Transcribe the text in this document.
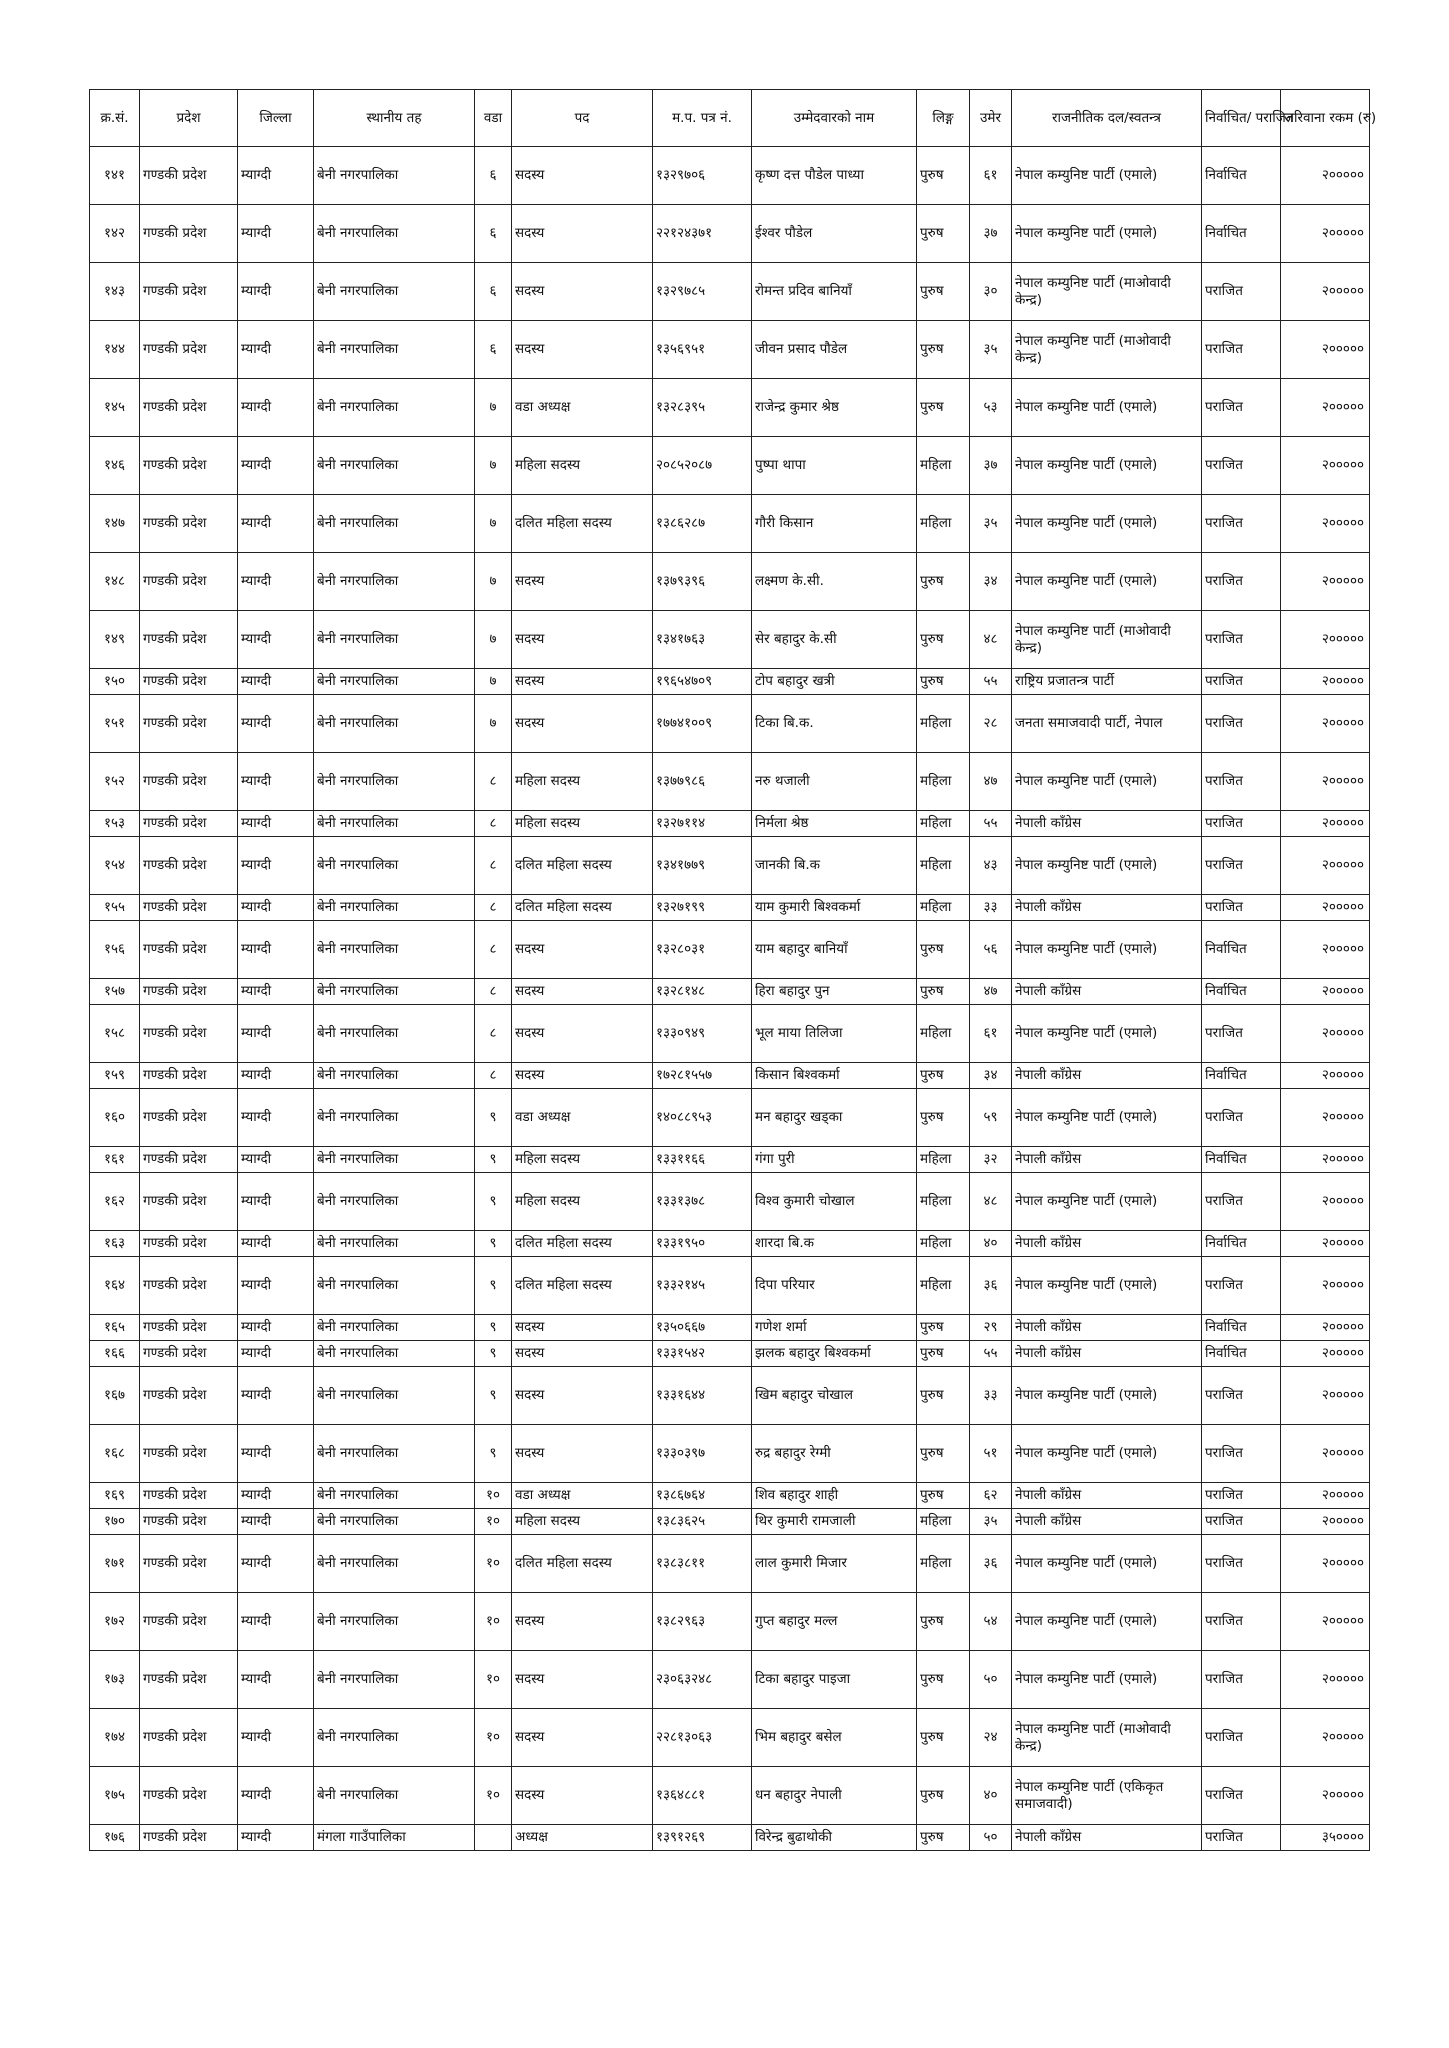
क्र.सं.	प्रदेश	जिल्ला	स्थानीय तह	वडा	पद	म.प. पत्र नं.	उम्मेदवारको नाम	लिङ्ग	उमेर	राजनीतिक दल/स्वतन्त्र	निर्वाचित/ पराजित	जरिवाना रकम (रु)
१४१	गण्डकी प्रदेश	म्याग्दी	बेनी नगरपालिका	६	सदस्य	१३२९७०६	कृष्ण दत्त पौडेल पाध्या	पुरुष	६१	नेपाल कम्युनिष्ट पार्टी (एमाले)	निर्वाचित	२०००००
१४२	गण्डकी प्रदेश	म्याग्दी	बेनी नगरपालिका	६	सदस्य	२२१२४३७१	ईश्वर पौडेल	पुरुष	३७	नेपाल कम्युनिष्ट पार्टी (एमाले)	निर्वाचित	२०००००
१४३	गण्डकी प्रदेश	म्याग्दी	बेनी नगरपालिका	६	सदस्य	१३२९७८५	रोमन्त प्रदिव बानियाँ	पुरुष	३०	नेपाल कम्युनिष्ट पार्टी (माओवादी केन्द्र)	पराजित	२०००००
१४४	गण्डकी प्रदेश	म्याग्दी	बेनी नगरपालिका	६	सदस्य	१३५६९५१	जीवन प्रसाद पौडेल	पुरुष	३५	नेपाल कम्युनिष्ट पार्टी (माओवादी केन्द्र)	पराजित	२०००००
१४५	गण्डकी प्रदेश	म्याग्दी	बेनी नगरपालिका	७	वडा अध्यक्ष	१३२८३९५	राजेन्द्र कुमार श्रेष्ठ	पुरुष	५३	नेपाल कम्युनिष्ट पार्टी (एमाले)	पराजित	२०००००
१४६	गण्डकी प्रदेश	म्याग्दी	बेनी नगरपालिका	७	महिला सदस्य	२०८५२०८७	पुष्पा थापा	महिला	३७	नेपाल कम्युनिष्ट पार्टी (एमाले)	पराजित	२०००००
१४७	गण्डकी प्रदेश	म्याग्दी	बेनी नगरपालिका	७	दलित महिला सदस्य	१३८६२८७	गौरी किसान	महिला	३५	नेपाल कम्युनिष्ट पार्टी (एमाले)	पराजित	२०००००
१४८	गण्डकी प्रदेश	म्याग्दी	बेनी नगरपालिका	७	सदस्य	१३७९३९६	लक्ष्मण के.सी.	पुरुष	३४	नेपाल कम्युनिष्ट पार्टी (एमाले)	पराजित	२०००००
१४९	गण्डकी प्रदेश	म्याग्दी	बेनी नगरपालिका	७	सदस्य	१३४१७६३	सेर बहादुर के.सी	पुरुष	४८	नेपाल कम्युनिष्ट पार्टी (माओवादी केन्द्र)	पराजित	२०००००
१५०	गण्डकी प्रदेश	म्याग्दी	बेनी नगरपालिका	७	सदस्य	१९६५४७०९	टोप बहादुर खत्री	पुरुष	५५	राष्ट्रिय प्रजातन्त्र पार्टी	पराजित	२०००००
१५१	गण्डकी प्रदेश	म्याग्दी	बेनी नगरपालिका	७	सदस्य	१७७४१००९	टिका बि.क.	महिला	२८	जनता समाजवादी पार्टी, नेपाल	पराजित	२०००००
१५२	गण्डकी प्रदेश	म्याग्दी	बेनी नगरपालिका	८	महिला सदस्य	१३७७९८६	नरु थजाली	महिला	४७	नेपाल कम्युनिष्ट पार्टी (एमाले)	पराजित	२०००००
१५३	गण्डकी प्रदेश	म्याग्दी	बेनी नगरपालिका	८	महिला सदस्य	१३२७११४	निर्मला श्रेष्ठ	महिला	५५	नेपाली काँग्रेस	पराजित	२०००००
१५४	गण्डकी प्रदेश	म्याग्दी	बेनी नगरपालिका	८	दलित महिला सदस्य	१३४१७७९	जानकी बि.क	महिला	४३	नेपाल कम्युनिष्ट पार्टी (एमाले)	पराजित	२०००००
१५५	गण्डकी प्रदेश	म्याग्दी	बेनी नगरपालिका	८	दलित महिला सदस्य	१३२७१९९	याम कुमारी बिश्वकर्मा	महिला	३३	नेपाली काँग्रेस	पराजित	२०००००
१५६	गण्डकी प्रदेश	म्याग्दी	बेनी नगरपालिका	८	सदस्य	१३२८०३१	याम बहादुर बानियाँ	पुरुष	५६	नेपाल कम्युनिष्ट पार्टी (एमाले)	निर्वाचित	२०००००
१५७	गण्डकी प्रदेश	म्याग्दी	बेनी नगरपालिका	८	सदस्य	१३२८१४८	हिरा बहादुर पुन	पुरुष	४७	नेपाली काँग्रेस	निर्वाचित	२०००००
१५८	गण्डकी प्रदेश	म्याग्दी	बेनी नगरपालिका	८	सदस्य	१३३०९४९	भूल माया तिलिजा	महिला	६१	नेपाल कम्युनिष्ट पार्टी (एमाले)	पराजित	२०००००
१५९	गण्डकी प्रदेश	म्याग्दी	बेनी नगरपालिका	८	सदस्य	१७२८१५५७	किसान बिश्वकर्मा	पुरुष	३४	नेपाली काँग्रेस	निर्वाचित	२०००००
१६०	गण्डकी प्रदेश	म्याग्दी	बेनी नगरपालिका	९	वडा अध्यक्ष	१४०८८९५३	मन बहादुर खड्का	पुरुष	५९	नेपाल कम्युनिष्ट पार्टी (एमाले)	पराजित	२०००००
१६१	गण्डकी प्रदेश	म्याग्दी	बेनी नगरपालिका	९	महिला सदस्य	१३३११६६	गंगा पुरी	महिला	३२	नेपाली काँग्रेस	निर्वाचित	२०००००
१६२	गण्डकी प्रदेश	म्याग्दी	बेनी नगरपालिका	९	महिला सदस्य	१३३१३७८	विश्व कुमारी चोखाल	महिला	४८	नेपाल कम्युनिष्ट पार्टी (एमाले)	पराजित	२०००००
१६३	गण्डकी प्रदेश	म्याग्दी	बेनी नगरपालिका	९	दलित महिला सदस्य	१३३१९५०	शारदा बि.क	महिला	४०	नेपाली काँग्रेस	निर्वाचित	२०००००
१६४	गण्डकी प्रदेश	म्याग्दी	बेनी नगरपालिका	९	दलित महिला सदस्य	१३३२१४५	दिपा परियार	महिला	३६	नेपाल कम्युनिष्ट पार्टी (एमाले)	पराजित	२०००००
१६५	गण्डकी प्रदेश	म्याग्दी	बेनी नगरपालिका	९	सदस्य	१३५०६६७	गणेश शर्मा	पुरुष	२९	नेपाली काँग्रेस	निर्वाचित	२०००००
१६६	गण्डकी प्रदेश	म्याग्दी	बेनी नगरपालिका	९	सदस्य	१३३१५४२	झलक बहादुर बिश्वकर्मा	पुरुष	५५	नेपाली काँग्रेस	निर्वाचित	२०००००
१६७	गण्डकी प्रदेश	म्याग्दी	बेनी नगरपालिका	९	सदस्य	१३३१६४४	खिम बहादुर चोखाल	पुरुष	३३	नेपाल कम्युनिष्ट पार्टी (एमाले)	पराजित	२०००००
१६८	गण्डकी प्रदेश	म्याग्दी	बेनी नगरपालिका	९	सदस्य	१३३०३९७	रुद्र बहादुर रेग्मी	पुरुष	५१	नेपाल कम्युनिष्ट पार्टी (एमाले)	पराजित	२०००००
१६९	गण्डकी प्रदेश	म्याग्दी	बेनी नगरपालिका	१०	वडा अध्यक्ष	१३८६७६४	शिव बहादुर शाही	पुरुष	६२	नेपाली काँग्रेस	पराजित	२०००००
१७०	गण्डकी प्रदेश	म्याग्दी	बेनी नगरपालिका	१०	महिला सदस्य	१३८३६२५	थिर कुमारी रामजाली	महिला	३५	नेपाली काँग्रेस	पराजित	२०००००
१७१	गण्डकी प्रदेश	म्याग्दी	बेनी नगरपालिका	१०	दलित महिला सदस्य	१३८३८११	लाल कुमारी मिजार	महिला	३६	नेपाल कम्युनिष्ट पार्टी (एमाले)	पराजित	२०००००
१७२	गण्डकी प्रदेश	म्याग्दी	बेनी नगरपालिका	१०	सदस्य	१३८२९६३	गुप्त बहादुर मल्ल	पुरुष	५४	नेपाल कम्युनिष्ट पार्टी (एमाले)	पराजित	२०००००
१७३	गण्डकी प्रदेश	म्याग्दी	बेनी नगरपालिका	१०	सदस्य	२३०६३२४८	टिका बहादुर पाइजा	पुरुष	५०	नेपाल कम्युनिष्ट पार्टी (एमाले)	पराजित	२०००००
१७४	गण्डकी प्रदेश	म्याग्दी	बेनी नगरपालिका	१०	सदस्य	२२८१३०६३	भिम बहादुर बसेल	पुरुष	२४	नेपाल कम्युनिष्ट पार्टी (माओवादी केन्द्र)	पराजित	२०००००
१७५	गण्डकी प्रदेश	म्याग्दी	बेनी नगरपालिका	१०	सदस्य	१३६४८८१	धन बहादुर नेपाली	पुरुष	४०	नेपाल कम्युनिष्ट पार्टी (एकिकृत समाजवादी)	पराजित	२०००००
१७६	गण्डकी प्रदेश	म्याग्दी	मंगला गाउँपालिका		अध्यक्ष	१३९१२६९	विरेन्द्र बुढाथोकी	पुरुष	५०	नेपाली काँग्रेस	पराजित	३५००००
